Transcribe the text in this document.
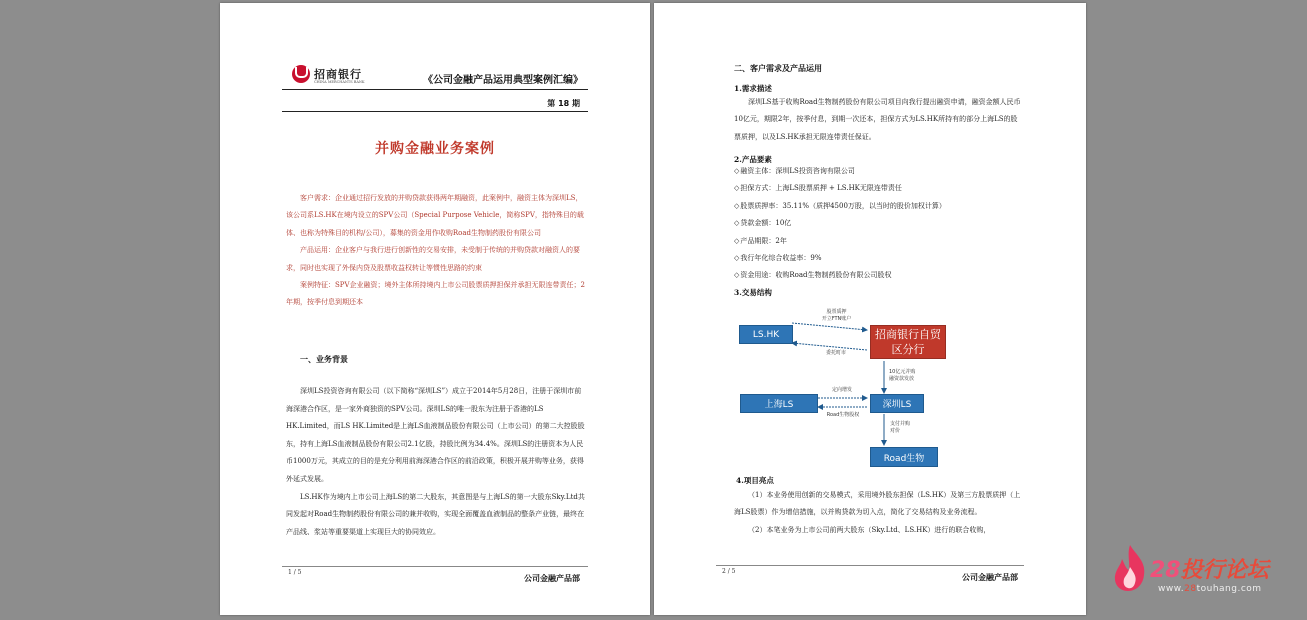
招商银行
CHINA MERCHANTS BANK	《公司金融产品运用典型案例汇编》
第 18 期
并购金融业务案例

客户需求：企业通过招行发放的并购贷款获得两年期融资，此案例中，融资主体为深圳LS，该公司系LS.HK在境内设立的SPV公司（Special Purpose Vehicle，简称SPV，指特殊目的载体、也称为特殊目的机构/公司），募集的资金用作收购Road生物制药股份有限公司

产品运用：企业客户与我行进行创新性的交易安排，未受制于传统的并购贷款对融资人的要求，同时也实现了外保内贷及股票收益权转让等惯性思路的约束

案例特征：SPV企业融资；境外主体所持境内上市公司股票质押担保并承担无限连带责任；2年期，按季付息到期还本

一、业务背景

深圳LS投资咨询有限公司（以下简称“深圳LS”）成立于2014年5月28日，注册于深圳市前海深港合作区，是一家外商独资的SPV公司。深圳LS的唯一股东为注册于香港的LS HK.Limited，而LS HK.Limited是上海LS血液制品股份有限公司（上市公司）的第二大控股股东，持有上海LS血液制品股份有限公司2.1亿股，持股比例为34.4%。深圳LS的注册资本为人民币1000万元，其成立的目的是充分利用前海深港合作区的前沿政策，积极开展并购等业务，获得外延式发展。

LS.HK作为境内上市公司上海LS的第二大股东，其意图是与上海LS的第一大股东Sky.Ltd共同发起对Road生物制药股份有限公司的兼并收购，实现全面覆盖血液制品的整条产业链，最终在产品线、浆站等重要渠道上实现巨大的协同效应。

1 / 5
公司金融产品部
二、客户需求及产品运用
1.需求描述

深圳LS基于收购Road生物制药股份有限公司项目向我行提出融资申请，融资金额人民币10亿元，期限2年，按季付息，到期一次还本，担保方式为LS.HK所持有的部分上海LS的股票质押，以及LS.HK承担无限连带责任保证。

2.产品要素
◇ 融资主体：深圳LS投资咨询有限公司
◇ 担保方式：上海LS股票质押 + LS.HK无限连带责任
◇ 股票质押率：35.11%（质押4500万股，以当时的股价加权计算）
◇ 贷款金额：10亿
◇ 产品期限：2年
◇ 我行年化综合收益率：9%
◇ 资金用途：收购Road生物制药股份有限公司股权
3.交易结构
LS.HK	招商银行自贸区分行
上海LS	深圳LS
Road生物
股票质押
开立FTN账户
委托町市
10亿元并购
融资款发放
定向增发
Road生物股权
支付并购
对价
4.项目亮点

（1）本业务使用创新的交易模式，采用境外股东担保（LS.HK）及第三方股票质押（上海LS股票）作为增信措施，以并购贷款为切入点，简化了交易结构及业务流程。

（2）本笔业务为上市公司前两大股东（Sky.Ltd、LS.HK）进行的联合收购，

2 / 5
公司金融产品部	28投行论坛
www.28touhang.com
